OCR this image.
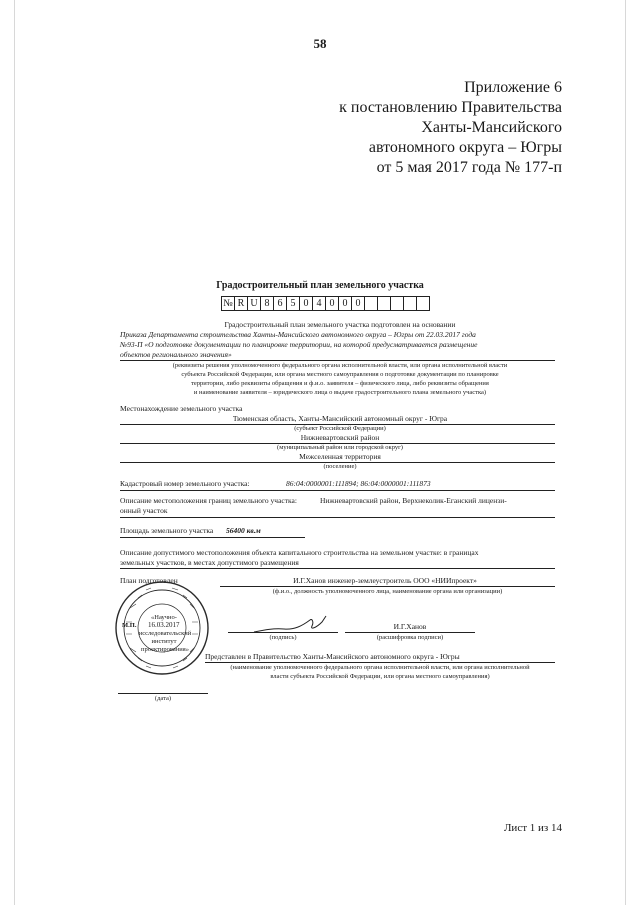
58
Приложение 6
к постановлению Правительства
Ханты-Мансийского
автономного округа – Югры
от 5 мая 2017 года № 177-п
Градостроительный план земельного участка
№ R U 8 6 5 0 4 0 0 0
Градостроительный план земельного участка подготовлен на основании
Приказа Департамента строительства Ханты-Мансийского автономного округа – Югры от 22.03.2017 года
№93-П «О подготовке документации по планировке территории, на которой предусматривается размещение
объектов регионального значения»
(реквизиты решения уполномоченного федерального органа исполнительной власти, или органа исполнительной власти
субъекта Российской Федерации, или органа местного самоуправления о подготовке документации по планировке
территории, либо реквизиты обращения и ф.и.о. заявителя – физического лица, либо реквизиты обращения
и наименование заявителя – юридического лица о выдаче градостроительного плана земельного участка)
Местонахождение земельного участка
Тюменская область, Ханты-Мансийский автономный округ - Югра
(субъект Российской Федерации)
Нижневартовский район
(муниципальный район или городской округ)
Межселенная территория
(поселение)
Кадастровый номер земельного участка:	86:04:0000001:111894; 86:04:0000001:111873
Описание местоположения границ земельного участка:	Нижневартовский район, Верхнеколик-Еганский лицензи-
онный участок
Площадь земельного участка 56400 кв.м
Описание допустимого местоположения объекта капитального строительства на земельном участке: в границах
земельных участков, в местах допустимого размещения
План подготовлен	И.Г.Ханов инженер-землеустроитель ООО «НИИпроект»
(ф.и.о., должность уполномоченного лица, наименование органа или организации)
М.П. 16.03.2017
«Научно-
исследовательский
институт
проектирования»
(подпись)
И.Г.Ханов
(расшифровка подписи)
Представлен в Правительство Ханты-Мансийского автономного округа - Югры
(наименование уполномоченного федерального органа исполнительной власти, или органа исполнительной
власти субъекта Российской Федерации, или органа местного самоуправления)
(дата)
Лист 1 из 14
